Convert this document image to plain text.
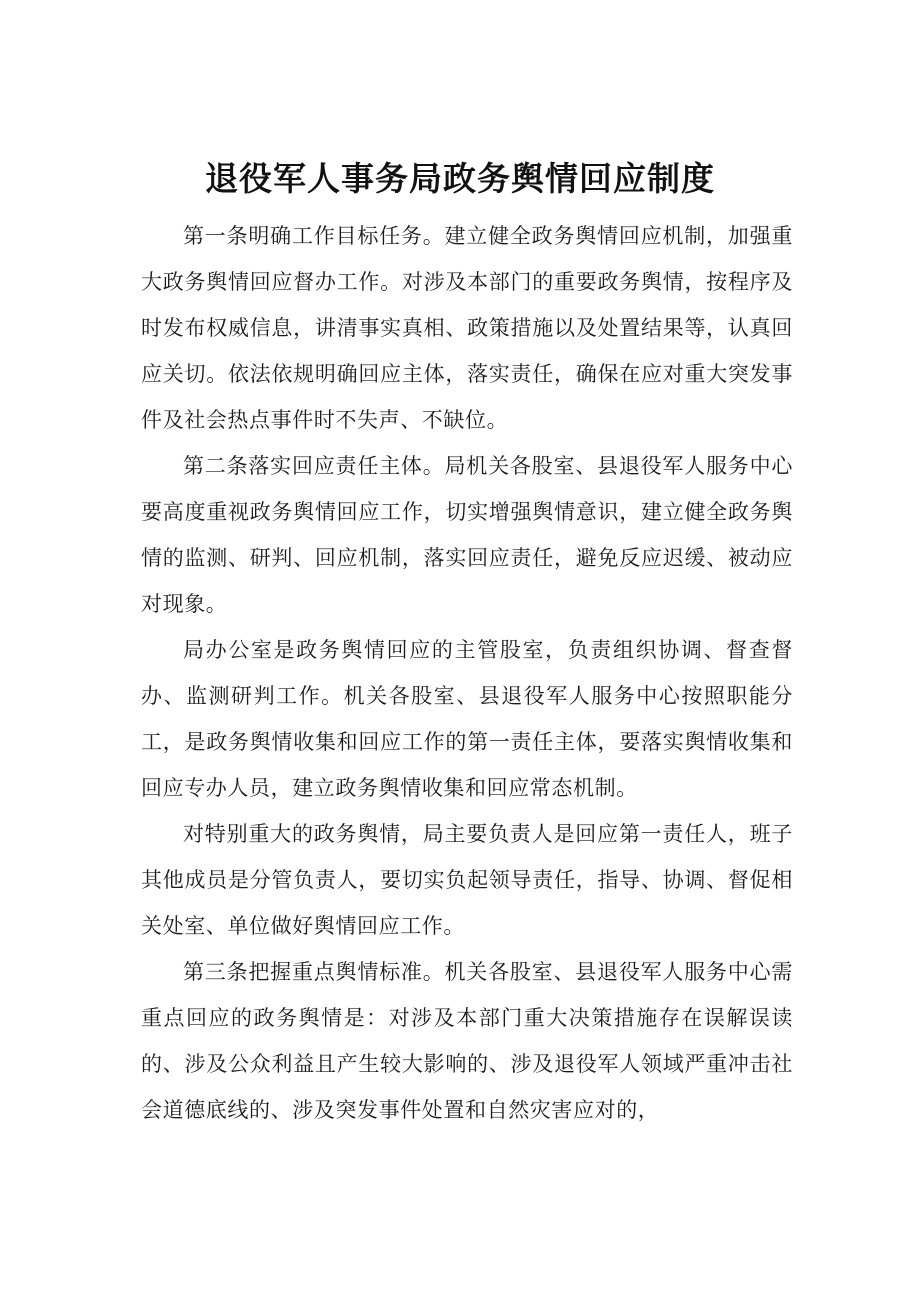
退役军人事务局政务舆情回应制度

第一条明确工作目标任务。建立健全政务舆情回应机制，加强重大政务舆情回应督办工作。对涉及本部门的重要政务舆情，按程序及时发布权威信息，讲清事实真相、政策措施以及处置结果等，认真回应关切。依法依规明确回应主体，落实责任，确保在应对重大突发事件及社会热点事件时不失声、不缺位。

第二条落实回应责任主体。局机关各股室、县退役军人服务中心要高度重视政务舆情回应工作，切实增强舆情意识，建立健全政务舆情的监测、研判、回应机制，落实回应责任，避免反应迟缓、被动应对现象。

局办公室是政务舆情回应的主管股室，负责组织协调、督查督办、监测研判工作。机关各股室、县退役军人服务中心按照职能分工，是政务舆情收集和回应工作的第一责任主体，要落实舆情收集和回应专办人员，建立政务舆情收集和回应常态机制。

对特别重大的政务舆情，局主要负责人是回应第一责任人，班子其他成员是分管负责人，要切实负起领导责任，指导、协调、督促相关处室、单位做好舆情回应工作。

第三条把握重点舆情标准。机关各股室、县退役军人服务中心需重点回应的政务舆情是：对涉及本部门重大决策措施存在误解误读的、涉及公众利益且产生较大影响的、涉及退役军人领域严重冲击社会道德底线的、涉及突发事件处置和自然灾害应对的，
